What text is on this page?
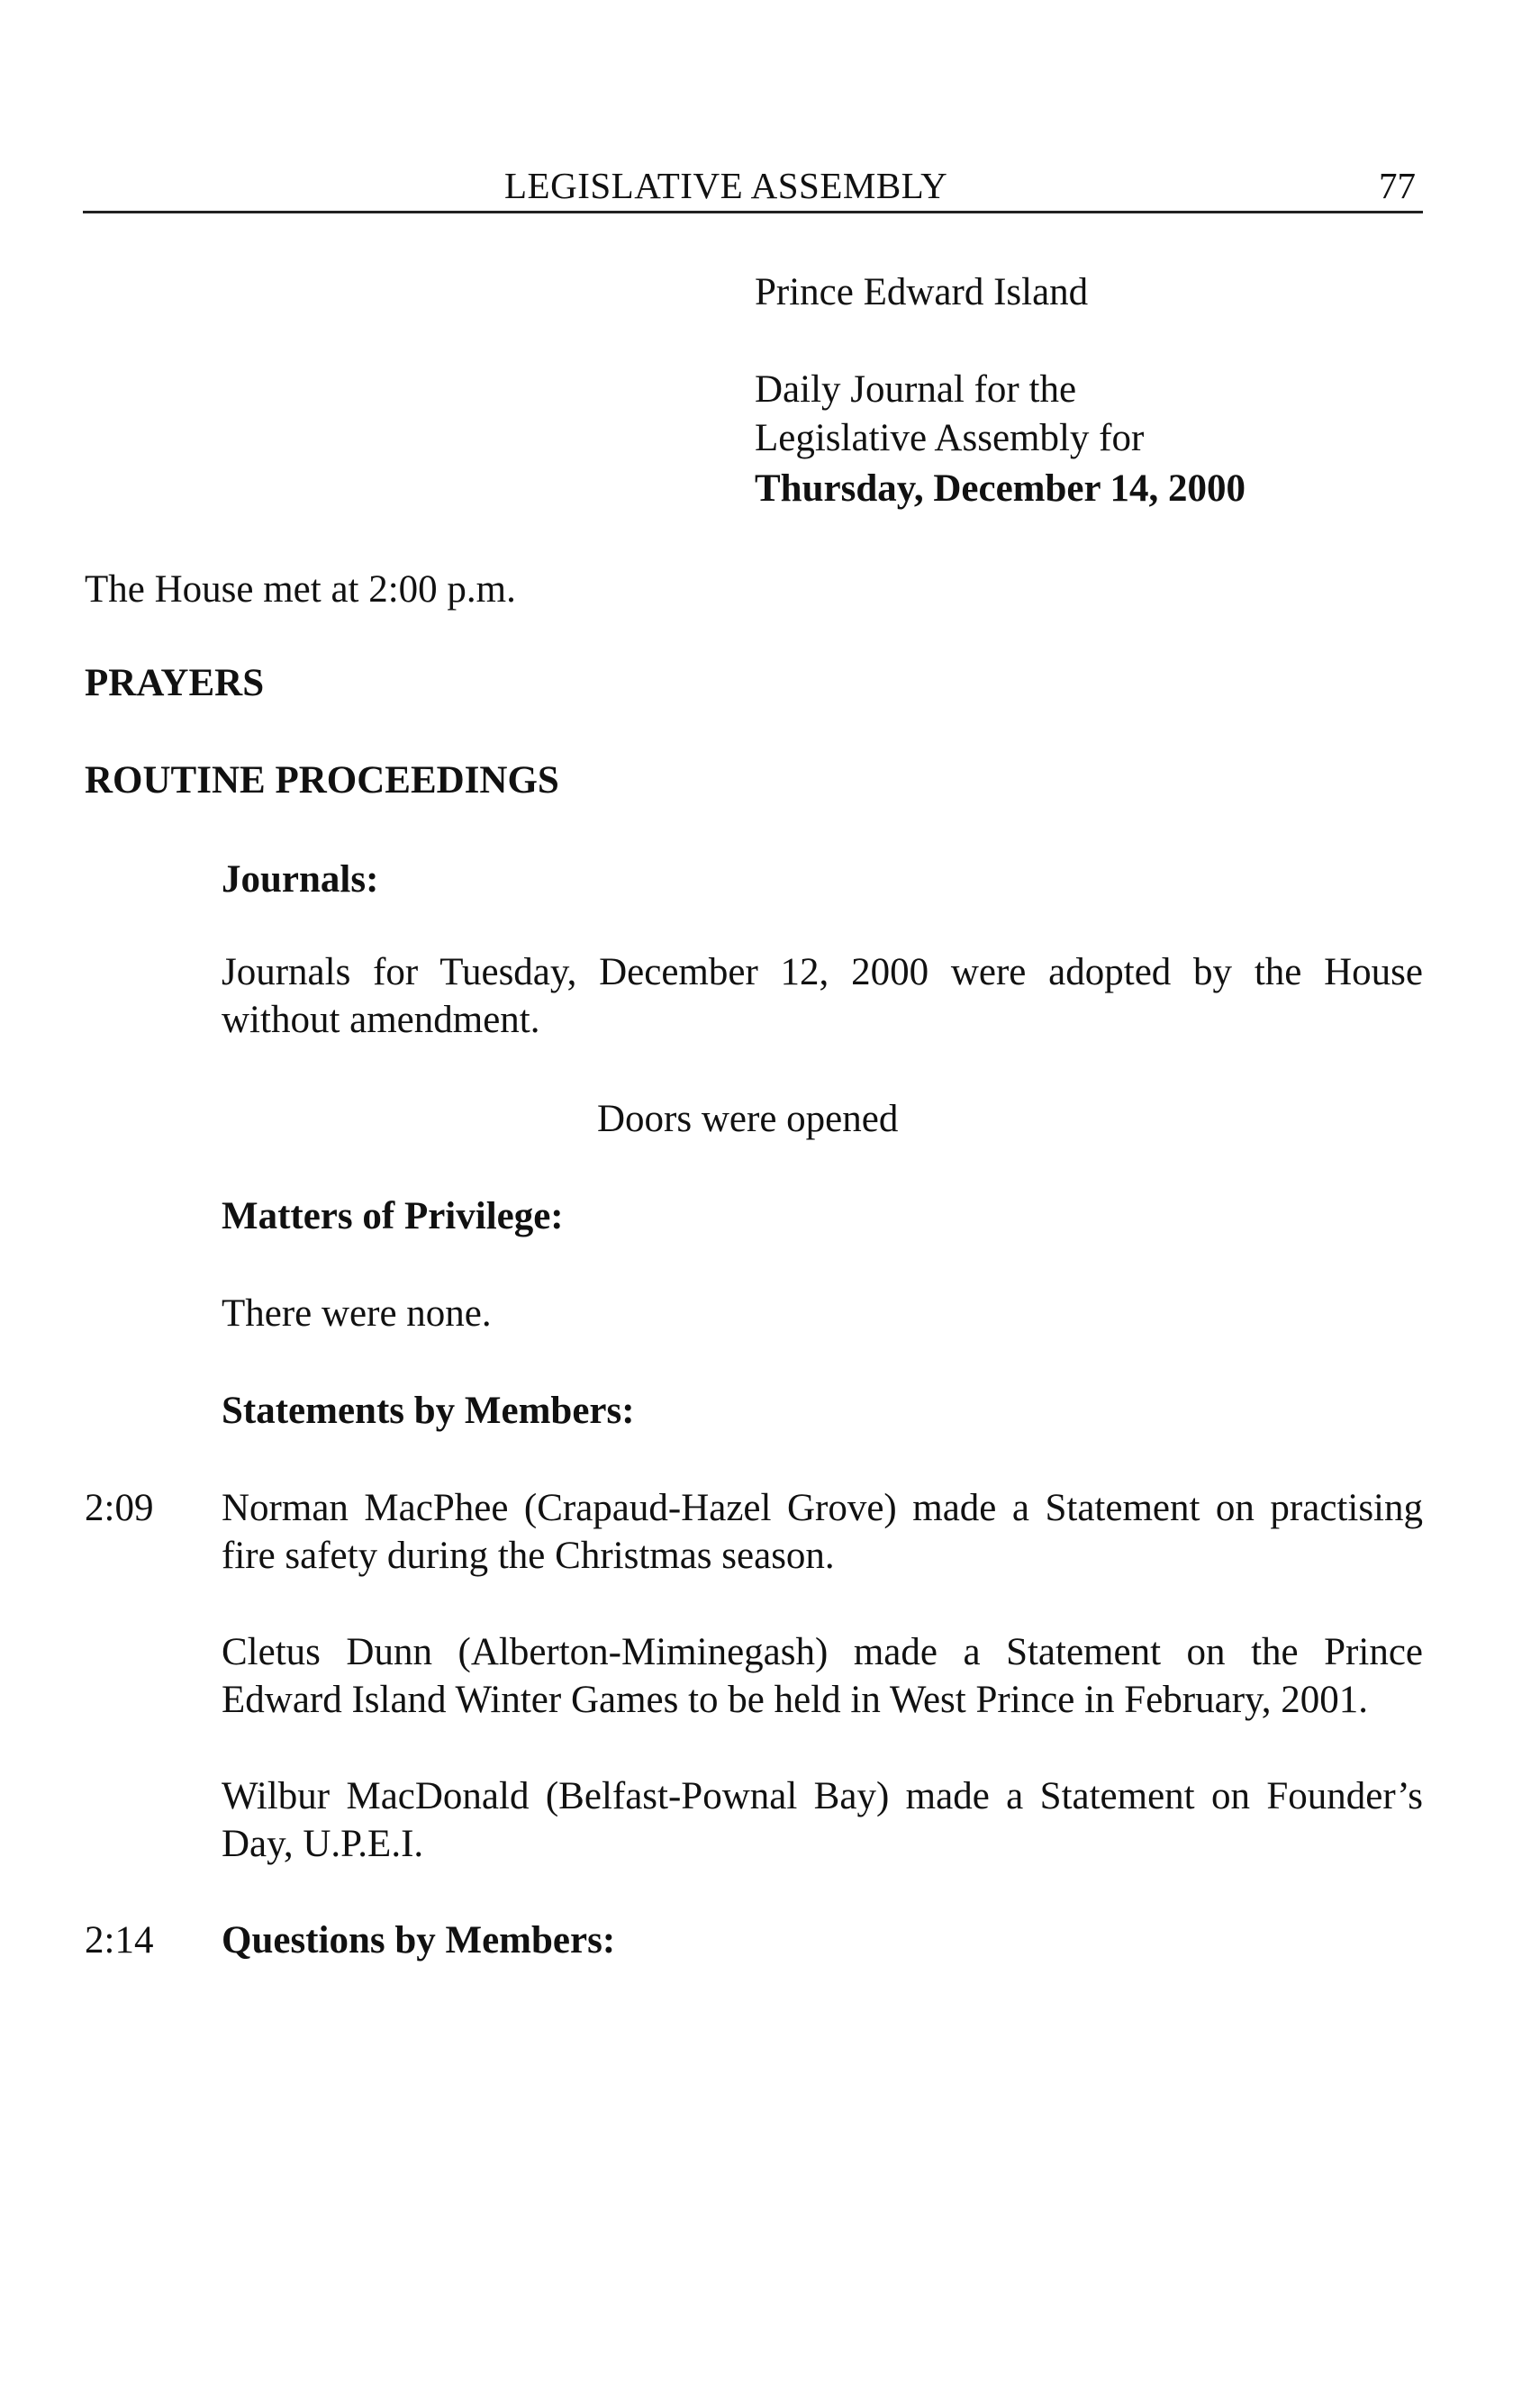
LEGISLATIVE ASSEMBLY	77
Prince Edward Island
Daily Journal for the
Legislative Assembly for
Thursday, December 14, 2000
The House met at 2:00 p.m.
PRAYERS
ROUTINE PROCEEDINGS
Journals:
Journals for Tuesday, December 12, 2000 were adopted by the House without amendment.
Doors were opened
Matters of Privilege:
There were none.
Statements by Members:
2:09 Norman MacPhee (Crapaud-Hazel Grove) made a Statement on practising fire safety during the Christmas season.
Cletus Dunn (Alberton-Miminegash) made a Statement on the Prince Edward Island Winter Games to be held in West Prince in February, 2001.
Wilbur MacDonald (Belfast-Pownal Bay) made a Statement on Founder’s Day, U.P.E.I.
2:14 Questions by Members:
